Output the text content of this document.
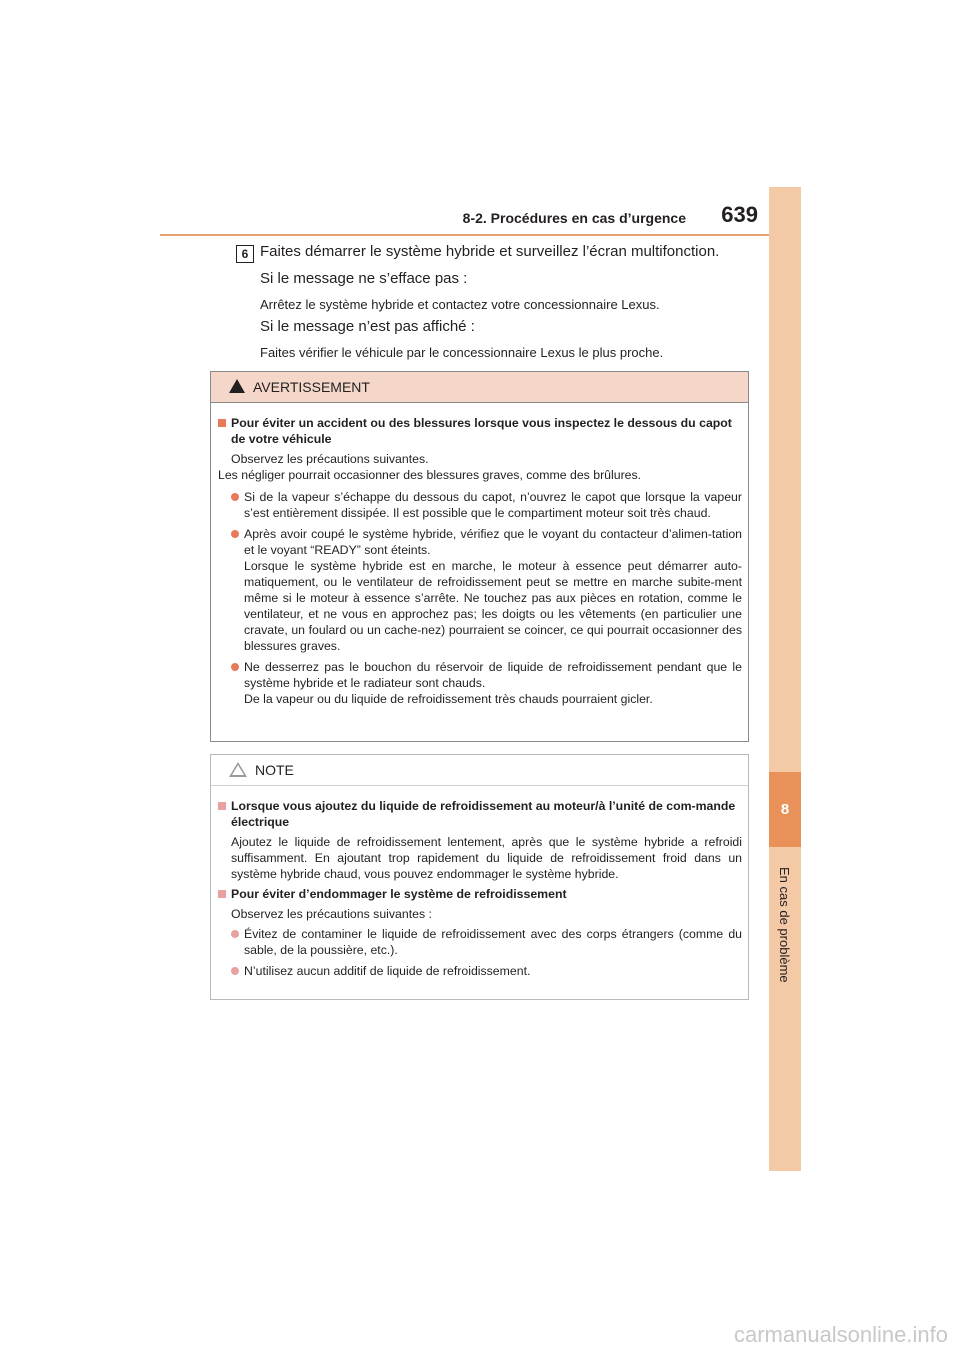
8-2. Procédures en cas d’urgence 639
8
En cas de problème
6 Faites démarrer le système hybride et surveillez l’écran multifonction.
Si le message ne s’efface pas :
Arrêtez le système hybride et contactez votre concessionnaire Lexus.
Si le message n’est pas affiché :
Faites vérifier le véhicule par le concessionnaire Lexus le plus proche.
AVERTISSEMENT
Pour éviter un accident ou des blessures lorsque vous inspectez le dessous du capot de votre véhicule
Observez les précautions suivantes.
Les négliger pourrait occasionner des blessures graves, comme des brûlures.
Si de la vapeur s’échappe du dessous du capot, n’ouvrez le capot que lorsque la vapeur s’est entièrement dissipée. Il est possible que le compartiment moteur soit très chaud.
Après avoir coupé le système hybride, vérifiez que le voyant du contacteur d’alimen-tation et le voyant “READY” sont éteints.
Lorsque le système hybride est en marche, le moteur à essence peut démarrer auto-matiquement, ou le ventilateur de refroidissement peut se mettre en marche subite-ment même si le moteur à essence s’arrête. Ne touchez pas aux pièces en rotation, comme le ventilateur, et ne vous en approchez pas; les doigts ou les vêtements (en particulier une cravate, un foulard ou un cache-nez) pourraient se coincer, ce qui pourrait occasionner des blessures graves.
Ne desserrez pas le bouchon du réservoir de liquide de refroidissement pendant que le système hybride et le radiateur sont chauds.
De la vapeur ou du liquide de refroidissement très chauds pourraient gicler.
NOTE
Lorsque vous ajoutez du liquide de refroidissement au moteur/à l’unité de com-mande électrique
Ajoutez le liquide de refroidissement lentement, après que le système hybride a refroidi suffisamment. En ajoutant trop rapidement du liquide de refroidissement froid dans un système hybride chaud, vous pouvez endommager le système hybride.
Pour éviter d’endommager le système de refroidissement
Observez les précautions suivantes :
Évitez de contaminer le liquide de refroidissement avec des corps étrangers (comme du sable, de la poussière, etc.).
N’utilisez aucun additif de liquide de refroidissement.
carmanualsonline.info
